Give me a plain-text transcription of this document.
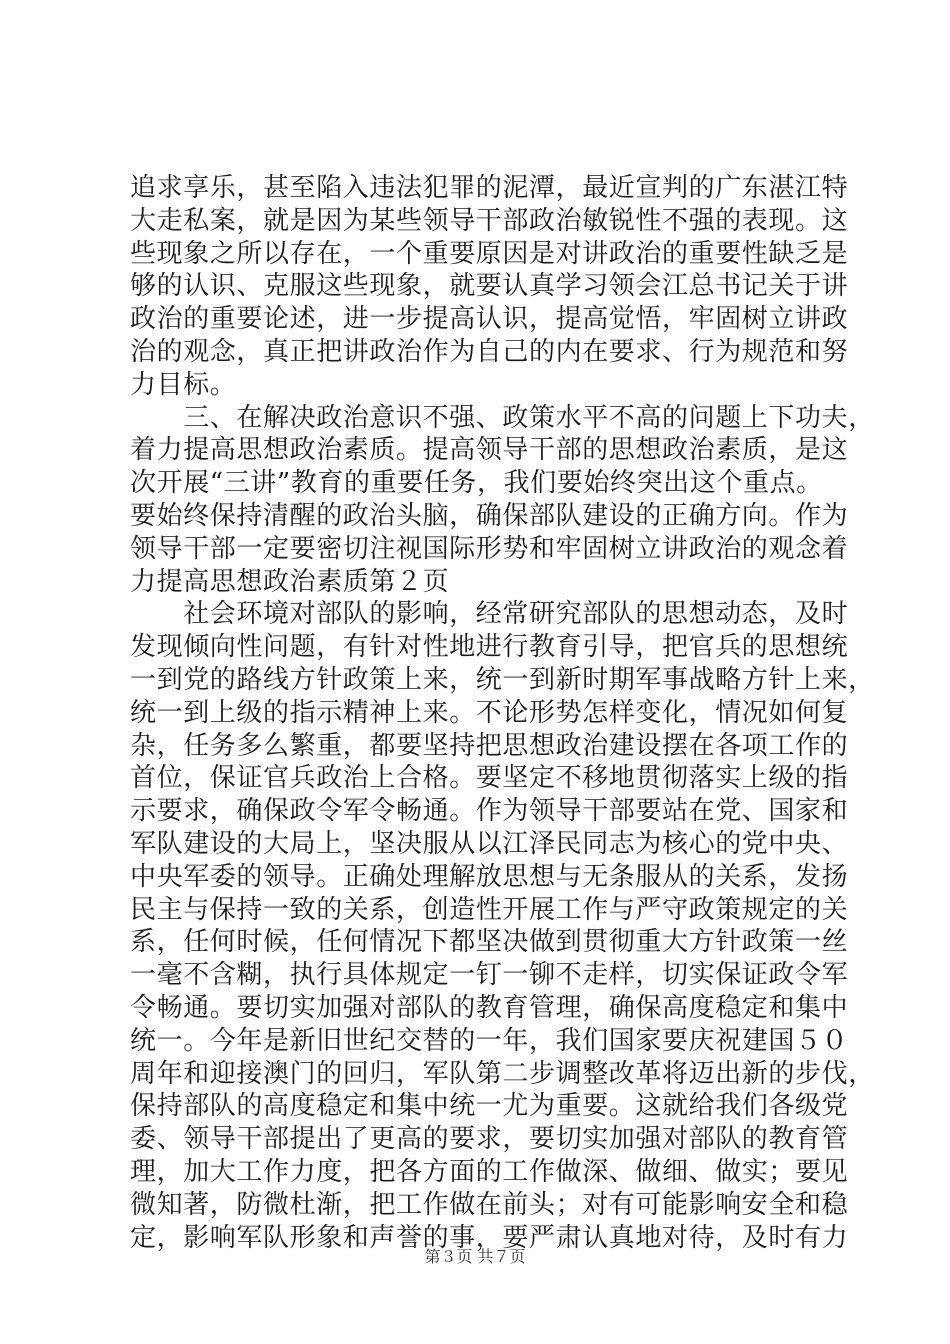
追求享乐，甚至陷入违法犯罪的泥潭，最近宣判的广东湛江特
大走私案，就是因为某些领导干部政治敏锐性不强的表现。这
些现象之所以存在，一个重要原因是对讲政治的重要性缺乏是
够的认识、克服这些现象，就要认真学习领会江总书记关于讲
政治的重要论述，进一步提高认识，提高觉悟，牢固树立讲政
治的观念，真正把讲政治作为自己的内在要求、行为规范和努
力目标。
　　三、在解决政治意识不强、政策水平不高的问题上下功夫，
着力提高思想政治素质。提高领导干部的思想政治素质，是这
次开展“三讲”教育的重要任务，我们要始终突出这个重点。
要始终保持清醒的政治头脑，确保部队建设的正确方向。作为
领导干部一定要密切注视国际形势和牢固树立讲政治的观念着
力提高思想政治素质第２页
　　社会环境对部队的影响，经常研究部队的思想动态，及时
发现倾向性问题，有针对性地进行教育引导，把官兵的思想统
一到党的路线方针政策上来，统一到新时期军事战略方针上来，
统一到上级的指示精神上来。不论形势怎样变化，情况如何复
杂，任务多么繁重，都要坚持把思想政治建设摆在各项工作的
首位，保证官兵政治上合格。要坚定不移地贯彻落实上级的指
示要求，确保政令军令畅通。作为领导干部要站在党、国家和
军队建设的大局上，坚决服从以江泽民同志为核心的党中央、
中央军委的领导。正确处理解放思想与无条服从的关系，发扬
民主与保持一致的关系，创造性开展工作与严守政策规定的关
系，任何时候，任何情况下都坚决做到贯彻重大方针政策一丝
一毫不含糊，执行具体规定一钉一铆不走样，切实保证政令军
令畅通。要切实加强对部队的教育管理，确保高度稳定和集中
统一。今年是新旧世纪交替的一年，我们国家要庆祝建国５０
周年和迎接澳门的回归，军队第二步调整改革将迈出新的步伐，
保持部队的高度稳定和集中统一尤为重要。这就给我们各级党
委、领导干部提出了更高的要求，要切实加强对部队的教育管
理，加大工作力度，把各方面的工作做深、做细、做实；要见
微知著，防微杜渐，把工作做在前头；对有可能影响安全和稳
定，影响军队形象和声誉的事，要严肃认真地对待，及时有力
第３页 共７页
